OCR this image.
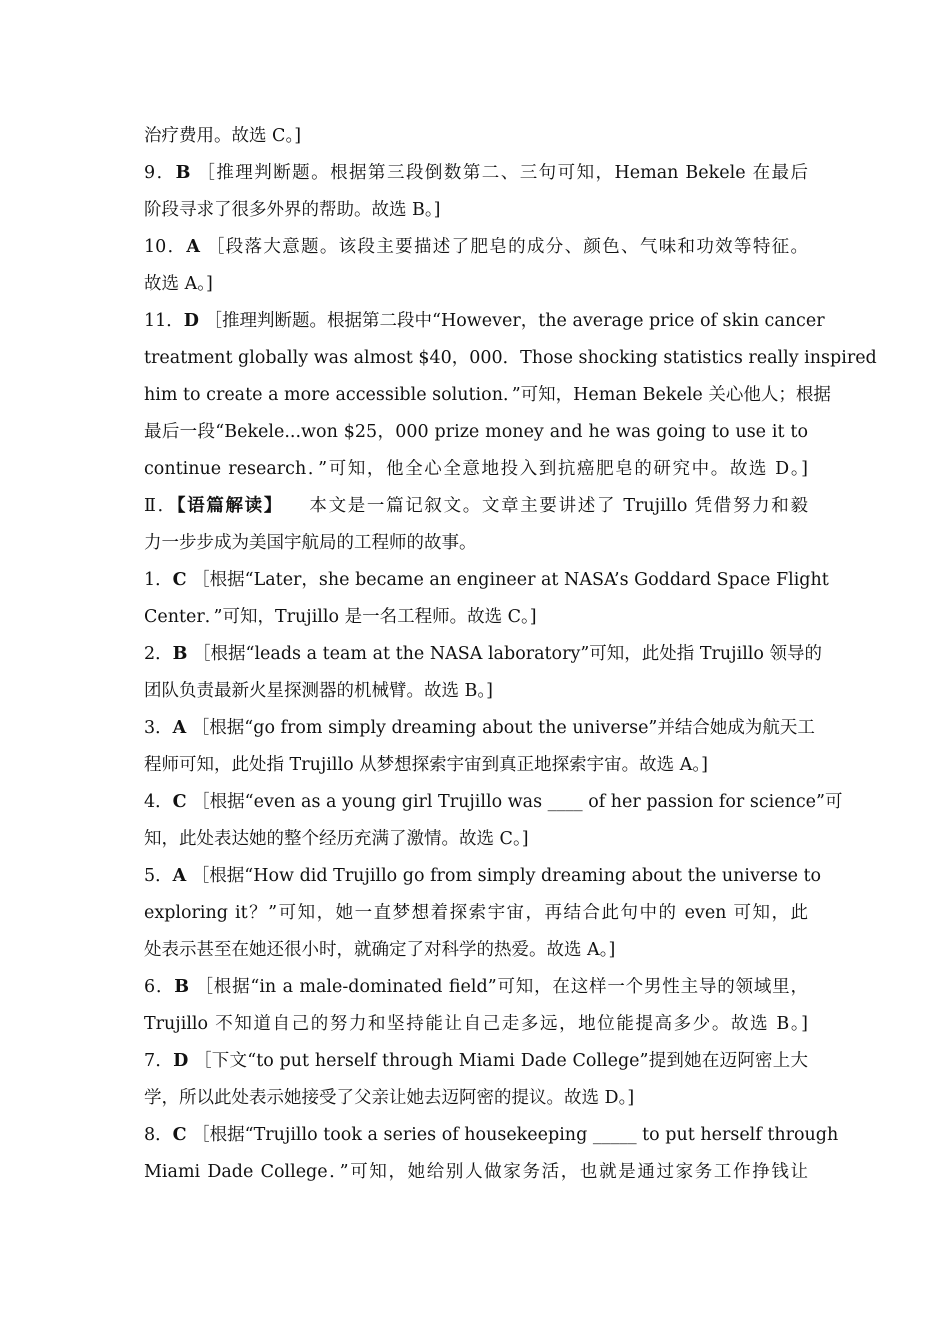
治疗费用。故选 C。]
9．B ［推理判断题。根据第三段倒数第二、三句可知，Heman Bekele 在最后
阶段寻求了很多外界的帮助。故选 B。]
10．A ［段落大意题。该段主要描述了肥皂的成分、颜色、气味和功效等特征。
故选 A。]
11．D ［推理判断题。根据第二段中“However，the average price of skin cancer
treatment globally was almost $40，000．Those shocking statistics really inspired
him to create a more accessible solution．”可知，Heman Bekele 关心他人；根据
最后一段“Bekele...won $25，000 prize money and he was going to use it to
continue research．”可知，他全心全意地投入到抗癌肥皂的研究中。故选 D。]
Ⅱ．【语篇解读】 　本文是一篇记叙文。文章主要讲述了 Trujillo 凭借努力和毅
力一步步成为美国宇航局的工程师的故事。
1．C ［根据“Later，she became an engineer at NASA’s Goddard Space Flight
Center．”可知，Trujillo 是一名工程师。故选 C。]
2．B ［根据“leads a team at the NASA laboratory”可知，此处指 Trujillo 领导的
团队负责最新火星探测器的机械臂。故选 B。]
3．A ［根据“go from simply dreaming about the universe”并结合她成为航天工
程师可知，此处指 Trujillo 从梦想探索宇宙到真正地探索宇宙。故选 A。]
4．C ［根据“even as a young girl Trujillo was ____ of her passion for science”可
知，此处表达她的整个经历充满了激情。故选 C。]
5．A ［根据“How did Trujillo go from simply dreaming about the universe to
exploring it？”可知，她一直梦想着探索宇宙，再结合此句中的 even 可知，此
处表示甚至在她还很小时，就确定了对科学的热爱。故选 A。]
6．B ［根据“in a male-dominated field”可知，在这样一个男性主导的领域里，
Trujillo 不知道自己的努力和坚持能让自己走多远，地位能提高多少。故选 B。]
7．D ［下文“to put herself through Miami Dade College”提到她在迈阿密上大
学，所以此处表示她接受了父亲让她去迈阿密的提议。故选 D。]
8．C ［根据“Trujillo took a series of housekeeping _____ to put herself through
Miami Dade College．”可知，她给别人做家务活，也就是通过家务工作挣钱让
